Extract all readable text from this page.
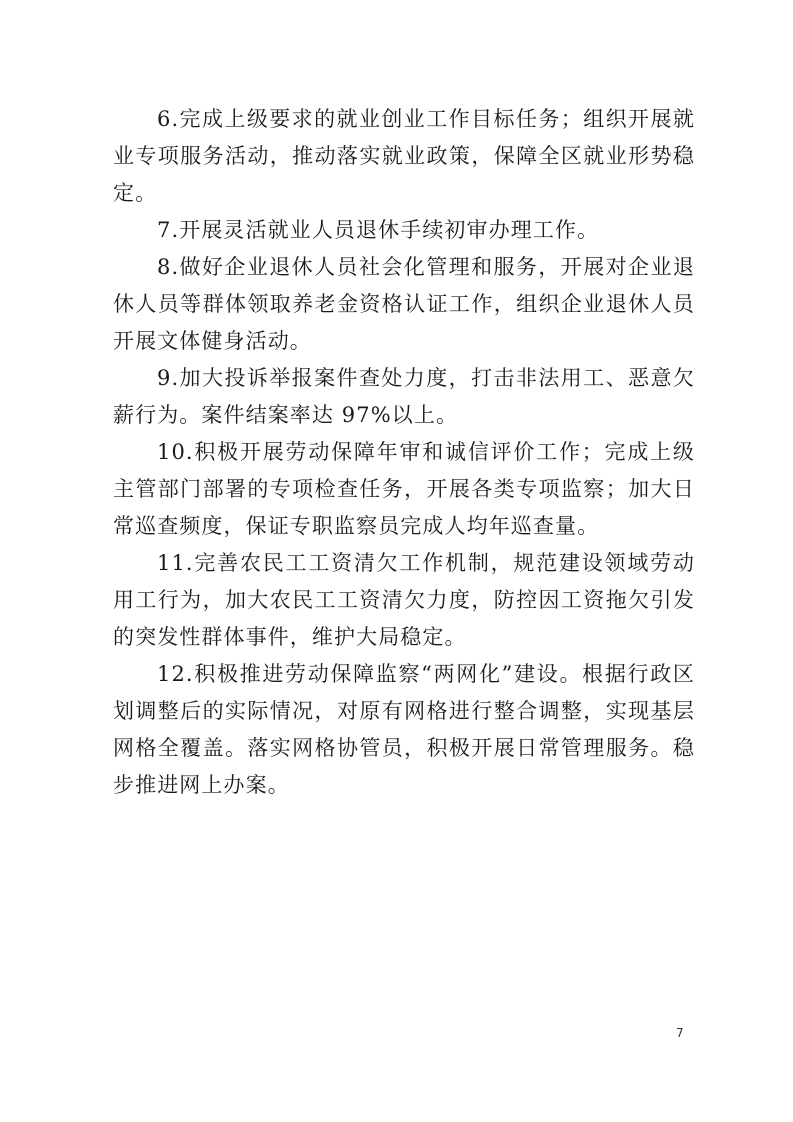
6.完成上级要求的就业创业工作目标任务；组织开展就业专项服务活动，推动落实就业政策，保障全区就业形势稳定。

7.开展灵活就业人员退休手续初审办理工作。

8.做好企业退休人员社会化管理和服务，开展对企业退休人员等群体领取养老金资格认证工作，组织企业退休人员开展文体健身活动。

9.加大投诉举报案件查处力度，打击非法用工、恶意欠薪行为。案件结案率达 97%以上。

10.积极开展劳动保障年审和诚信评价工作；完成上级主管部门部署的专项检查任务，开展各类专项监察；加大日常巡查频度，保证专职监察员完成人均年巡查量。

11.完善农民工工资清欠工作机制，规范建设领域劳动用工行为，加大农民工工资清欠力度，防控因工资拖欠引发的突发性群体事件，维护大局稳定。

12.积极推进劳动保障监察“两网化”建设。根据行政区划调整后的实际情况，对原有网格进行整合调整，实现基层网格全覆盖。落实网格协管员，积极开展日常管理服务。稳步推进网上办案。

7
